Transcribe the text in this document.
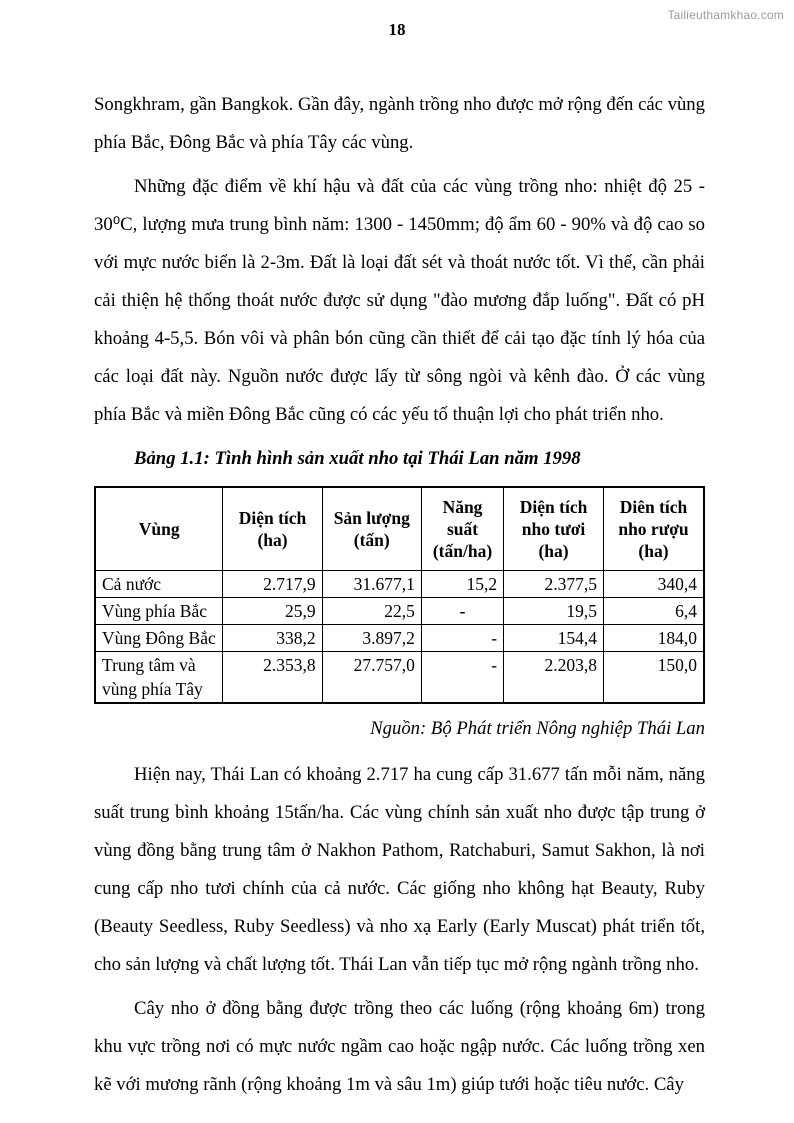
Tailieuthamkhao.com
18

Songkhram, gần Bangkok. Gần đây, ngành trồng nho được mở rộng đến các vùng phía Bắc, Đông Bắc và phía Tây các vùng.

Những đặc điểm về khí hậu và đất của các vùng trồng nho: nhiệt độ 25 - 30⁰C, lượng mưa trung bình năm: 1300 - 1450mm; độ ẩm 60 - 90% và độ cao so với mực nước biển là 2-3m. Đất là loại đất sét và thoát nước tốt. Vì thế, cần phải cải thiện hệ thống thoát nước được sử dụng "đào mương đắp luống". Đất có pH khoảng 4-5,5. Bón vôi và phân bón cũng cần thiết để cải tạo đặc tính lý hóa của các loại đất này. Nguồn nước được lấy từ sông ngòi và kênh đào. Ở các vùng phía Bắc và miền Đông Bắc cũng có các yếu tố thuận lợi cho phát triển nho.

Bảng 1.1: Tình hình sản xuất nho tại Thái Lan năm 1998

Vùng	Diện tích (ha)	Sản lượng (tấn)	Năng suất (tấn/ha)	Diện tích nho tươi (ha)	Diên tích nho rượu (ha)
Cả nước	2.717,9	31.677,1	15,2	2.377,5	340,4
Vùng phía Bắc	25,9	22,5	-	19,5	6,4
Vùng Đông Bắc	338,2	3.897,2	-	154,4	184,0
Trung tâm và vùng phía Tây	2.353,8	27.757,0	-	2.203,8	150,0

Nguồn: Bộ Phát triển Nông nghiệp Thái Lan

Hiện nay, Thái Lan có khoảng 2.717 ha cung cấp 31.677 tấn mỗi năm, năng suất trung bình khoảng 15tấn/ha. Các vùng chính sản xuất nho được tập trung ở vùng đồng bằng trung tâm ở Nakhon Pathom, Ratchaburi, Samut Sakhon, là nơi cung cấp nho tươi chính của cả nước. Các giống nho không hạt Beauty, Ruby (Beauty Seedless, Ruby Seedless) và nho xạ Early (Early Muscat) phát triển tốt, cho sản lượng và chất lượng tốt. Thái Lan vẫn tiếp tục mở rộng ngành trồng nho.

Cây nho ở đồng bằng được trồng theo các luống (rộng khoảng 6m) trong khu vực trồng nơi có mực nước ngầm cao hoặc ngập nước. Các luống trồng xen kẽ với mương rãnh (rộng khoảng 1m và sâu 1m) giúp tưới hoặc tiêu nước. Cây
